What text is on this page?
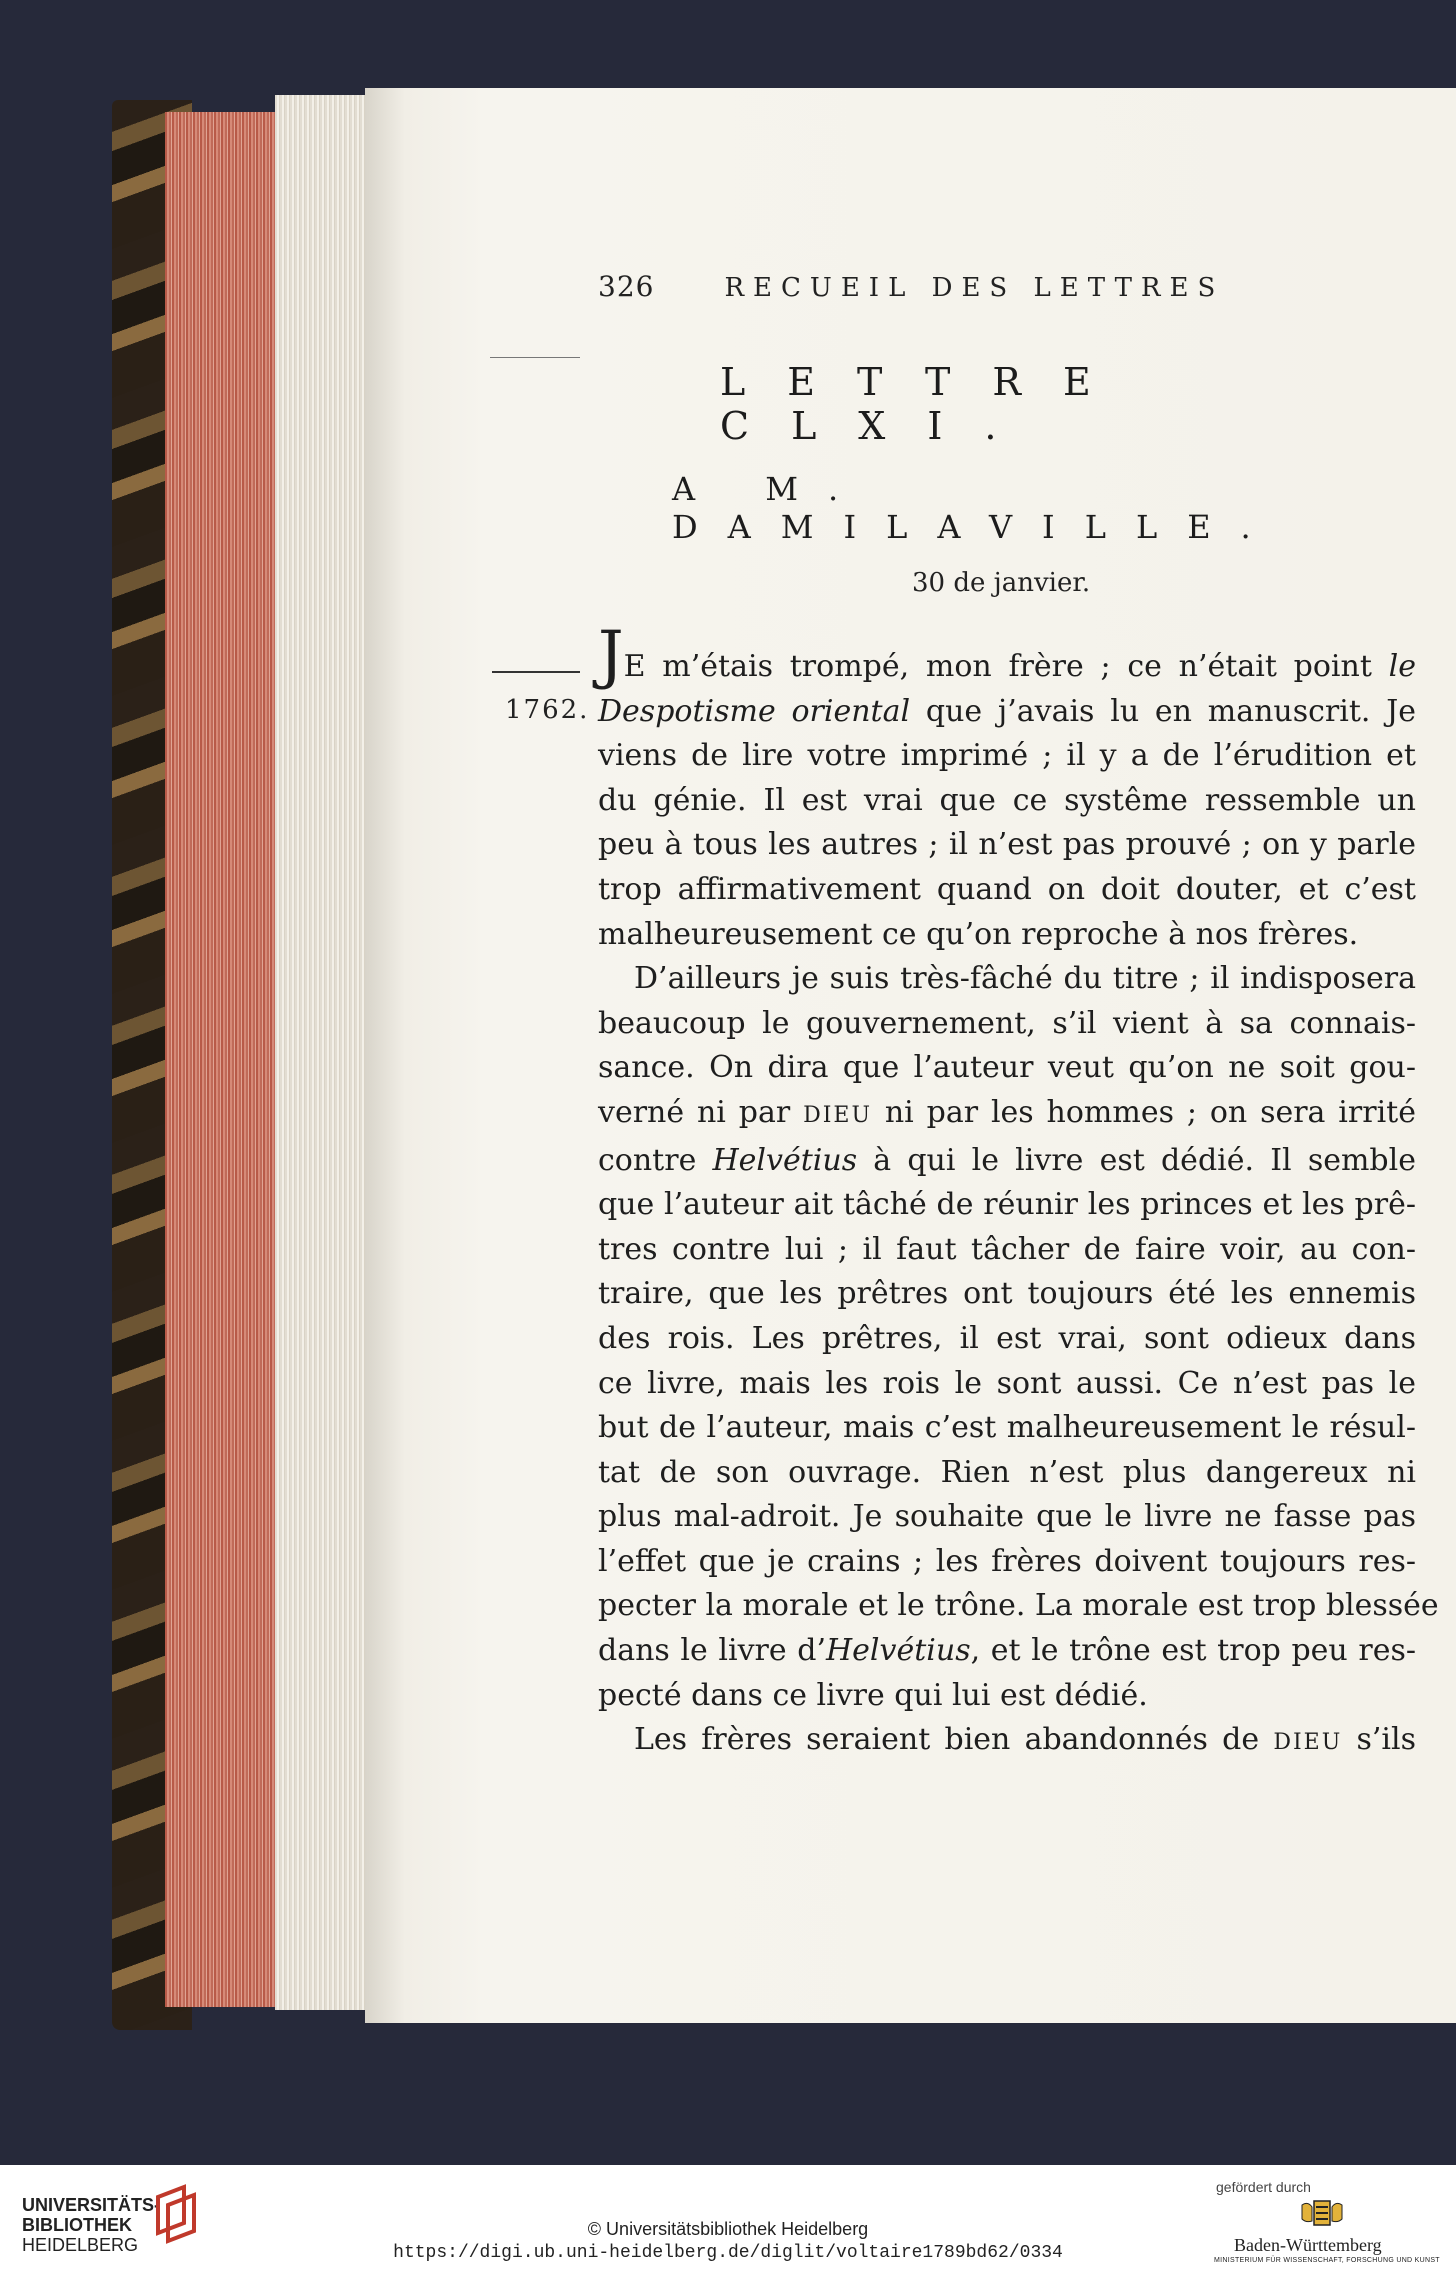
326	RECUEIL DES LETTRES
LETTRE CLXI.
A M. DAMILAVILLE.
30 de janvier.
1762.
JE m’étais trompé, mon frère ; ce n’était point le
Despotisme oriental que j’avais lu en manuscrit. Je
viens de lire votre imprimé ; il y a de l’érudition et
du génie. Il est vrai que ce systême ressemble un
peu à tous les autres ; il n’est pas prouvé ; on y parle
trop affirmativement quand on doit douter, et c’est
malheureusement ce qu’on reproche à nos frères.
D’ailleurs je suis très-fâché du titre ; il indisposera
beaucoup le gouvernement, s’il vient à sa connais-
sance. On dira que l’auteur veut qu’on ne soit gou-
verné ni par DIEU ni par les hommes ; on sera irrité
contre Helvétius à qui le livre est dédié. Il semble
que l’auteur ait tâché de réunir les princes et les prê-
tres contre lui ; il faut tâcher de faire voir, au con-
traire, que les prêtres ont toujours été les ennemis
des rois. Les prêtres, il est vrai, sont odieux dans
ce livre, mais les rois le sont aussi. Ce n’est pas le
but de l’auteur, mais c’est malheureusement le résul-
tat de son ouvrage. Rien n’est plus dangereux ni
plus mal-adroit. Je souhaite que le livre ne fasse pas
l’effet que je crains ; les frères doivent toujours res-
pecter la morale et le trône. La morale est trop blessée
dans le livre d’Helvétius, et le trône est trop peu res-
pecté dans ce livre qui lui est dédié.
Les frères seraient bien abandonnés de DIEU s’ils
UNIVERSITÄTS-
BIBLIOTHEK
HEIDELBERG
© Universitätsbibliothek Heidelberg
https://digi.ub.uni-heidelberg.de/diglit/voltaire1789bd62/0334
gefördert durch
Baden-Württemberg
MINISTERIUM FÜR WISSENSCHAFT, FORSCHUNG UND KUNST
